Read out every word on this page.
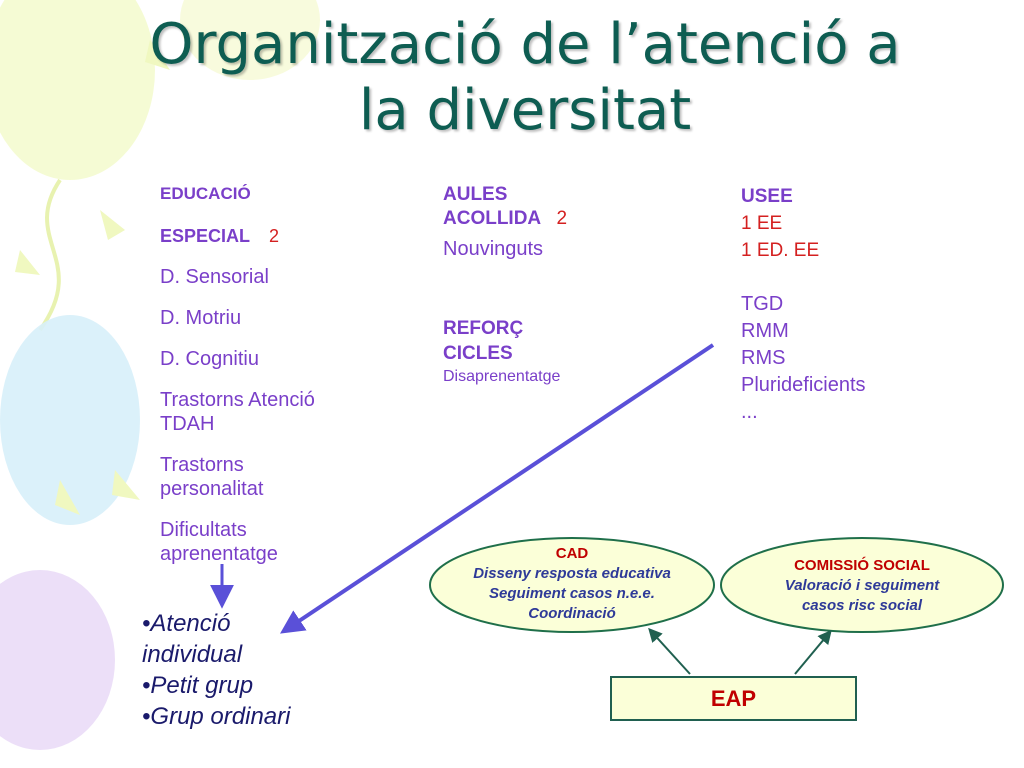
Organització de l’atenció a
la diversitat
EDUCACIÓ
ESPECIAL 2
D. Sensorial
D. Motriu
D. Cognitiu
Trastorns Atenció TDAH
Trastorns personalitat
Dificultats aprenentatge
AULES
ACOLLIDA 2
Nouvinguts
REFORÇ
CICLES
Disaprenentatge
USEE
1 EE
1 ED. EE
TGD
RMM
RMS
Plurideficients
...
•Atenció individual
•Petit grup
•Grup ordinari
CAD
Disseny resposta educativa
Seguiment casos n.e.e.
Coordinació
COMISSIÓ SOCIAL
Valoració i seguiment
casos risc social
EAP
